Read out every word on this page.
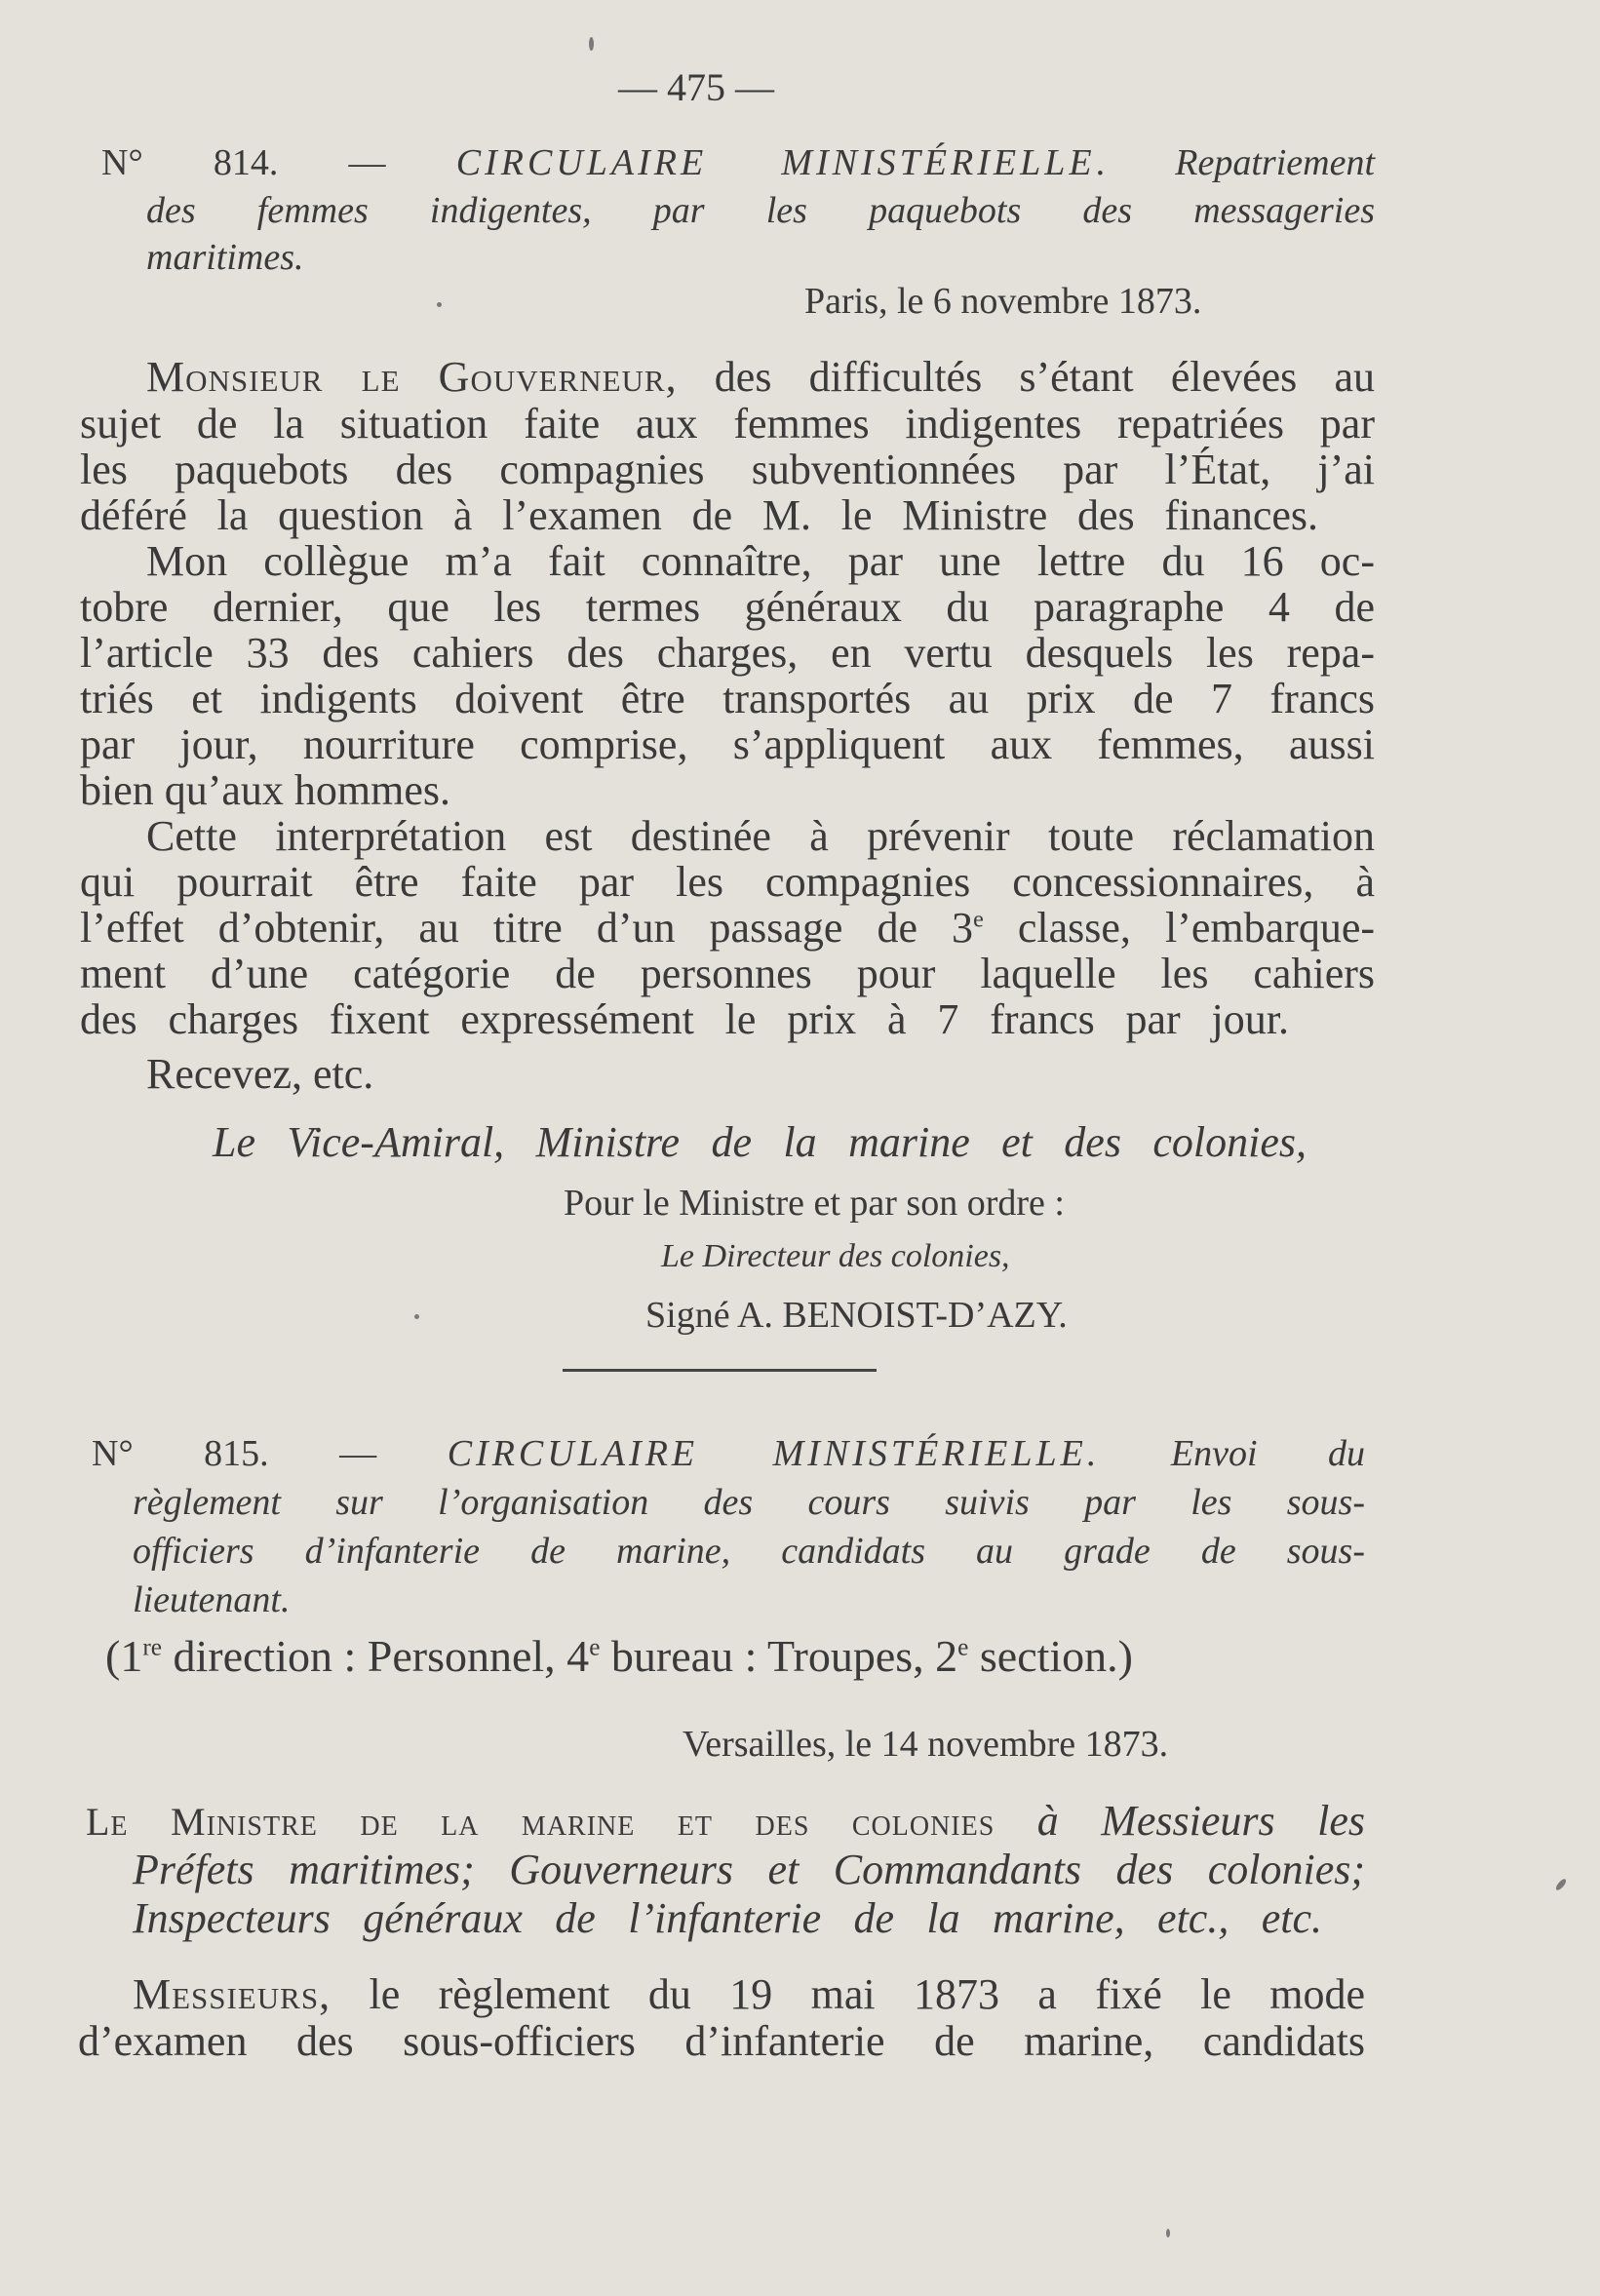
— 475 —
N° 814. — CIRCULAIRE MINISTÉRIELLE. Repatriement
des femmes indigentes, par les paquebots des messageries
maritimes.
Paris, le 6 novembre 1873.
Monsieur le Gouverneur, des difficultés s’étant élevées au
sujet de la situation faite aux femmes indigentes repatriées par
les paquebots des compagnies subventionnées par l’État, j’ai
déféré la question à l’examen de M. le Ministre des finances.
Mon collègue m’a fait connaître, par une lettre du 16 oc-
tobre dernier, que les termes généraux du paragraphe 4 de
l’article 33 des cahiers des charges, en vertu desquels les repa-
triés et indigents doivent être transportés au prix de 7 francs
par jour, nourriture comprise, s’appliquent aux femmes, aussi
bien qu’aux hommes.
Cette interprétation est destinée à prévenir toute réclamation
qui pourrait être faite par les compagnies concessionnaires, à
l’effet d’obtenir, au titre d’un passage de 3e classe, l’embarque-
ment d’une catégorie de personnes pour laquelle les cahiers
des charges fixent expressément le prix à 7 francs par jour.
Recevez, etc.
Le Vice-Amiral, Ministre de la marine et des colonies,
Pour le Ministre et par son ordre :
Le Directeur des colonies,
Signé A. BENOIST-D’AZY.
N° 815. — CIRCULAIRE MINISTÉRIELLE. Envoi du
règlement sur l’organisation des cours suivis par les sous-
officiers d’infanterie de marine, candidats au grade de sous-
lieutenant.
(1re direction : Personnel, 4e bureau : Troupes, 2e section.)
Versailles, le 14 novembre 1873.
Le Ministre de la marine et des colonies à Messieurs les
Préfets maritimes; Gouverneurs et Commandants des colonies;
Inspecteurs généraux de l’infanterie de la marine, etc., etc.
Messieurs, le règlement du 19 mai 1873 a fixé le mode
d’examen des sous-officiers d’infanterie de marine, candidats
